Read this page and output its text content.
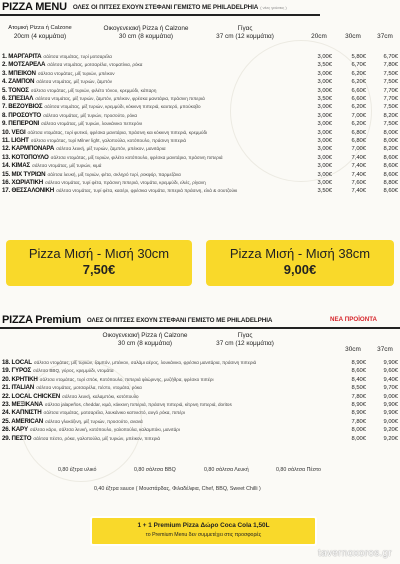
PIZZA MENU ΟΛΕΣ ΟΙ ΠΙΤΣΕΣ ΕΧΟΥΝ ΣΤΕΦΑΝΙ ΓΕΜΙΣΤΟ ΜΕ PHILADELPHIA ( νέες γεύσεις )
Ατομική Pizza ή Calzone
20cm (4 κομμάτια)
Οικογενειακή Pizza ή Calzone
30 cm (8 κομμάτια)
Γίγας
37 cm (12 κομμάτια)	20cm	30cm	37cm
1. ΜΑΡΓΑΡΙΤΑ σάλτσα ντομάτας, τυρί μοτσαρέλα	3,00€	5,80€	6,70€
2. ΜΟΤΣΑΡΕΛΑ σάλτσα ντομάτας, μοτσαρέλα, ντοματίνια, ρόκα	3,50€	6,70€	7,80€
3. ΜΠΕΪΚΟΝ σάλτσα ντομάτας, μίξ τυριών, μπέικον	3,00€	6,20€	7,50€
4. ΖΑΜΠΟΝ σάλτσα ντομάτας, μίξ τυριών, ζαμπόν	3,00€	6,20€	7,50€
5. ΤΟΝΟΣ σάλτσα ντομάτας, μίξ τυριών, φιλέτο τόνου, κρεμμύδι, κάπαρη	3,00€	6,60€	7,70€
6. ΣΠΕΣΙΑΛ σάλτσα ντομάτας, μίξ τυριών, ζαμπόν, μπέικον, φρέσκα μανιτάρια, πράσινη πιπεριά	3,50€	6,60€	7,70€
7. ΒΕΖΟΥΒΙΟΣ σάλτσα ντομάτας, μίξ τυριών, κρεμμύδι, κόκκινη πιπεριά, καυτερό, μπούκοβο	3,00€	6,20€	7,50€
8. ΠΡΟΣΟΥΤΟ σάλτσα ντομάτας, μίξ τυριών, προσούτο, ρόκα	3,00€	7,00€	8,20€
9. ΠΕΠΕΡΟΝΙ σάλτσα ντομάτας, μίξ τυριών, λουκάνικο πεπερόνι	3,00€	6,20€	7,50€
10. VEGI σάλτσα ντομάτας, τυρί φυτικό, φρέσκα μανιτάρια, πράσινη και κόκκινη πιπεριά, κρεμμύδι	3,00€	6,80€	8,00€
11. LIGHT σάλτσα ντομάτας, τυρί Milner light, γαλοπούλα, κοτόπουλο, πράσινη πιπεριά	3,00€	6,80€	8,00€
12. ΚΑΡΜΠΟΝΑΡΑ σάλτσα λευκή, μίξ τυριών, ζαμπόν, μπέικον, μανιτάρια	3,00€	7,00€	8,20€
13. ΚΟΤΟΠΟΥΛΟ σάλτσα ντομάτας, μίξ τυριών, φιλέτο κοτόπουλο, φρέσκα μανιτάρια, πράσινη πιπεριά	3,00€	7,40€	8,60€
14. ΚΙΜΑΣ σάλτσα ντομάτας, μίξ τυριών, κιμά	3,00€	7,40€	8,60€
15. ΜΙΧ ΤΥΡΙΩΝ σάλτσα λευκή, μίξ τυριών, φέτα, σκληρό τυρί, ροκφόρ, παρμεζάνα	3,00€	7,40€	8,60€
16. ΧΩΡΙΑΤΙΚΗ σάλτσα ντομάτας, τυρί φέτα, πράσινη πιπεριά, ντομάτα, κρεμμύδι, ελιές, ρίγανη	3,00€	7,60€	8,80€
17. ΘΕΣΣΑΛΟΝΙΚΗ σάλτσα ντομάτας, τυρί φέτα, κασέρι, φρέσκια ντομάτα, πιπεριά πράσινη, ελιά & σουτζούκι	3,50€	7,40€	8,60€
Pizza Μισή - Μισή 30cm
7,50€
Pizza Μισή - Μισή 38cm
9,00€
PIZZA Premium ΟΛΕΣ ΟΙ ΠΙΤΣΕΣ ΕΧΟΥΝ ΣΤΕΦΑΝΙ ΓΕΜΙΣΤΟ ΜΕ PHILADELPHIA	ΝΕΑ ΠΡΟΪΟΝΤΑ
Οικογενειακή Pizza ή Calzone
30 cm (8 κομμάτια)
Γίγας
37 cm (12 κομμάτια)
30cm	37cm
18. LOCAL σάλτσα ντομάτας, μίξ τυριών, ζαμπόν, μπέικον, σαλάμι αέρος, λουκάνικο, φρέσκα μανιτάρια, πράσινη πιπεριά	8,90€	9,90€
19. ΓΥΡΟΣ σάλτσα BBQ, γύρος, κρεμμύδι, ντομάτα	8,60€	9,60€
20. ΚΡΗΤΙΚΗ σάλτσα ντομάτας, τυρί σπόκ, Κοτόπουλο, πιπεριά φλώρινης, μυζήθρα, φρέσκο πιπέρι	8,40€	9,40€
21. ITALIAN σάλτσα ντομάτας, μοτσαρέλα, πέστο, ντομάτα, ρόκα	8,50€	9,70€
22. LOCAL CHICKEN σάλτσα λευκή, καλαμπόκι, κοτόπουλο	7,80€	9,00€
23. ΜΕΞΙΚΑΝΑ σάλτσα jalapeños, cheddar, κιμά, κόκκινη πιπεριά, πράσινη πιπεριά, κίτρινη πιπεριά, doritos	8,90€	9,90€
24. ΚΑΠΝΙΣΤΗ σάλτσα ντομάτας, μοτσαρέλα, λουκάνικο καπνιστό, αυγό ρόκα, πιπέρι	8,90€	9,90€
25. AMERICAN σάλτσα γλυκόξινη, μίξ τυριών, προσούτο, ανανά	7,80€	9,00€
26. ΚΑΡΥ σάλτσα κάρυ, σάλτσα λευκή, κοτόπουλο, γαλοπούλα, καλαμπόκι, μανιτάρι	8,00€	9,20€
29. ΠΕΣΤΟ σάλτσα πέστο, ρόκα, γαλοπούλα, μίξ τυριών, μπέικον, πιπεριά	8,00€	9,20€
0,80 έξτρα υλικό	0,80 σάλτσα BBQ	0,80 σάλτσα Λευκή	0,80 σάλτσα Πέστο
0,40 έξτρα sauce ( Μουστάρδας, Φιλαδέλφια, Chef, BBQ, Sweet Chilli )
1 + 1 Premium Pizza Δώρο Coca Cola 1,50L
το Premium Menu δεν συμμετέχει στις προσφορές
tavernoxoros.gr
